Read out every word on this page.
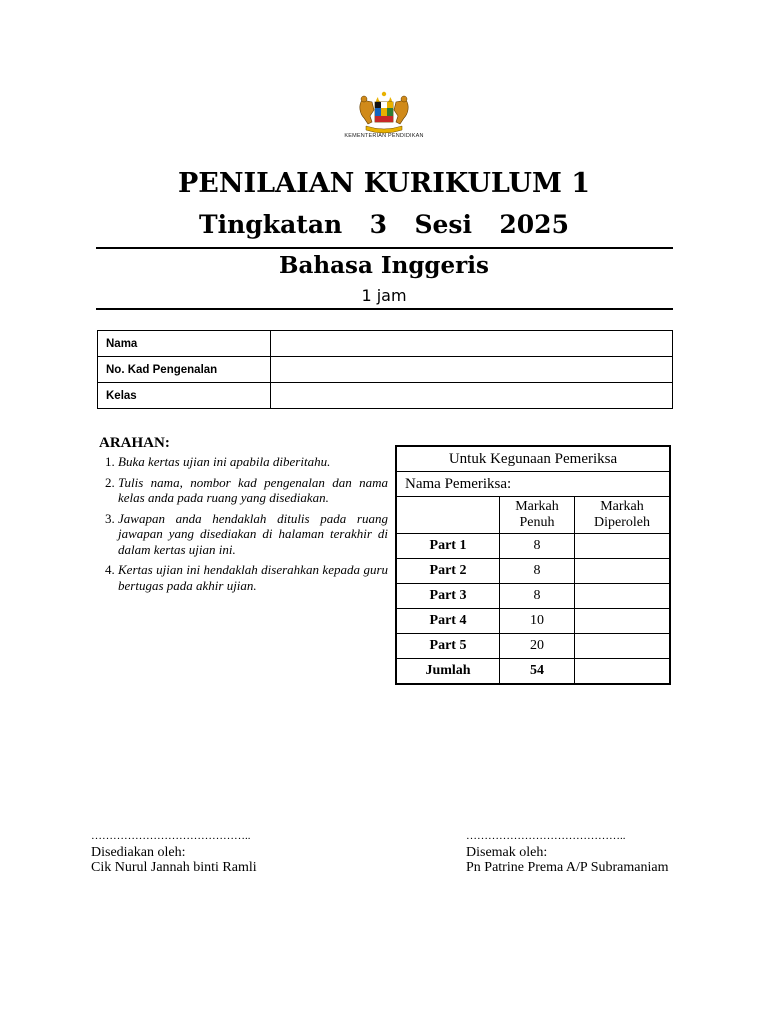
KEMENTERIAN PENDIDIKAN
PENILAIAN KURIKULUM 1
Tingkatan  3  Sesi  2025
Bahasa Inggeris
1 jam
Nama	
No. Kad Pengenalan	
Kelas	
ARAHAN:
1. Buka kertas ujian ini apabila diberitahu.
2. Tulis nama, nombor kad pengenalan dan nama kelas anda pada ruang yang disediakan.
3. Jawapan anda hendaklah ditulis pada ruang jawapan yang disediakan di halaman terakhir di dalam kertas ujian ini.
4. Kertas ujian ini hendaklah diserahkan kepada guru bertugas pada akhir ujian.
Untuk Kegunaan Pemeriksa		
Nama Pemeriksa:		
	Markah Penuh	Markah Diperoleh
Part 1	8	
Part 2	8	
Part 3	8	
Part 4	10	
Part 5	20	
Jumlah	54	
……………………………………..
Disediakan oleh:
Cik Nurul Jannah binti Ramli
……………………………………..
Disemak oleh:
Pn Patrine Prema A/P Subramaniam
